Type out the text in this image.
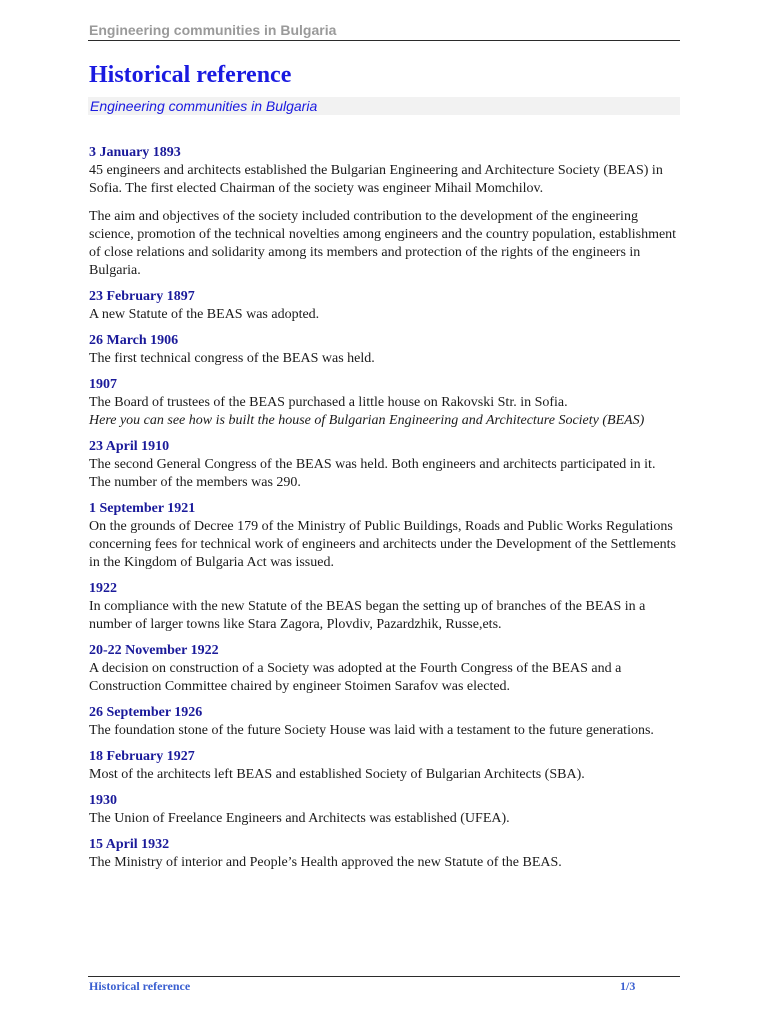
Engineering communities in Bulgaria
Historical reference
Engineering communities in Bulgaria

3 January 1893

45 engineers and architects established the Bulgarian Engineering and Architecture Society (BEAS) in Sofia. The first elected Chairman of the society was engineer Mihail Momchilov.

The aim and objectives of the society included contribution to the development of the engineering science, promotion of the technical novelties among engineers and the country population, establishment of close relations and solidarity among its members and protection of the rights of the engineers in Bulgaria.

23 February 1897

A new Statute of the BEAS was adopted.

26 March 1906

The first technical congress of the BEAS was held.

1907

The Board of trustees of the BEAS purchased a little house on Rakovski Str. in Sofia.

Here you can see how is built the house of Bulgarian Engineering and Architecture Society (BEAS)

23 April 1910

The second General Congress of the BEAS was held. Both engineers and architects participated in it. The number of the members was 290.

1 September 1921

On the grounds of Decree 179 of the Ministry of Public Buildings, Roads and Public Works Regulations concerning fees for technical work of engineers and architects under the Development of the Settlements in the Kingdom of Bulgaria Act was issued.

1922

In compliance with the new Statute of the BEAS began the setting up of branches of the BEAS in a number of larger towns like Stara Zagora, Plovdiv, Pazardzhik, Russe,ets.

20-22 November 1922

A decision on construction of a Society was adopted at the Fourth Congress of the BEAS and a Construction Committee chaired by engineer Stoimen Sarafov was elected.

26 September 1926

The foundation stone of the future Society House was laid with a testament to the future generations.

18 February 1927

Most of the architects left BEAS and established Society of Bulgarian Architects (SBA).

1930

The Union of Freelance Engineers and Architects was established (UFEA).

15 April 1932

The Ministry of interior and People’s Health approved the new Statute of the BEAS.

Historical reference	1/3
